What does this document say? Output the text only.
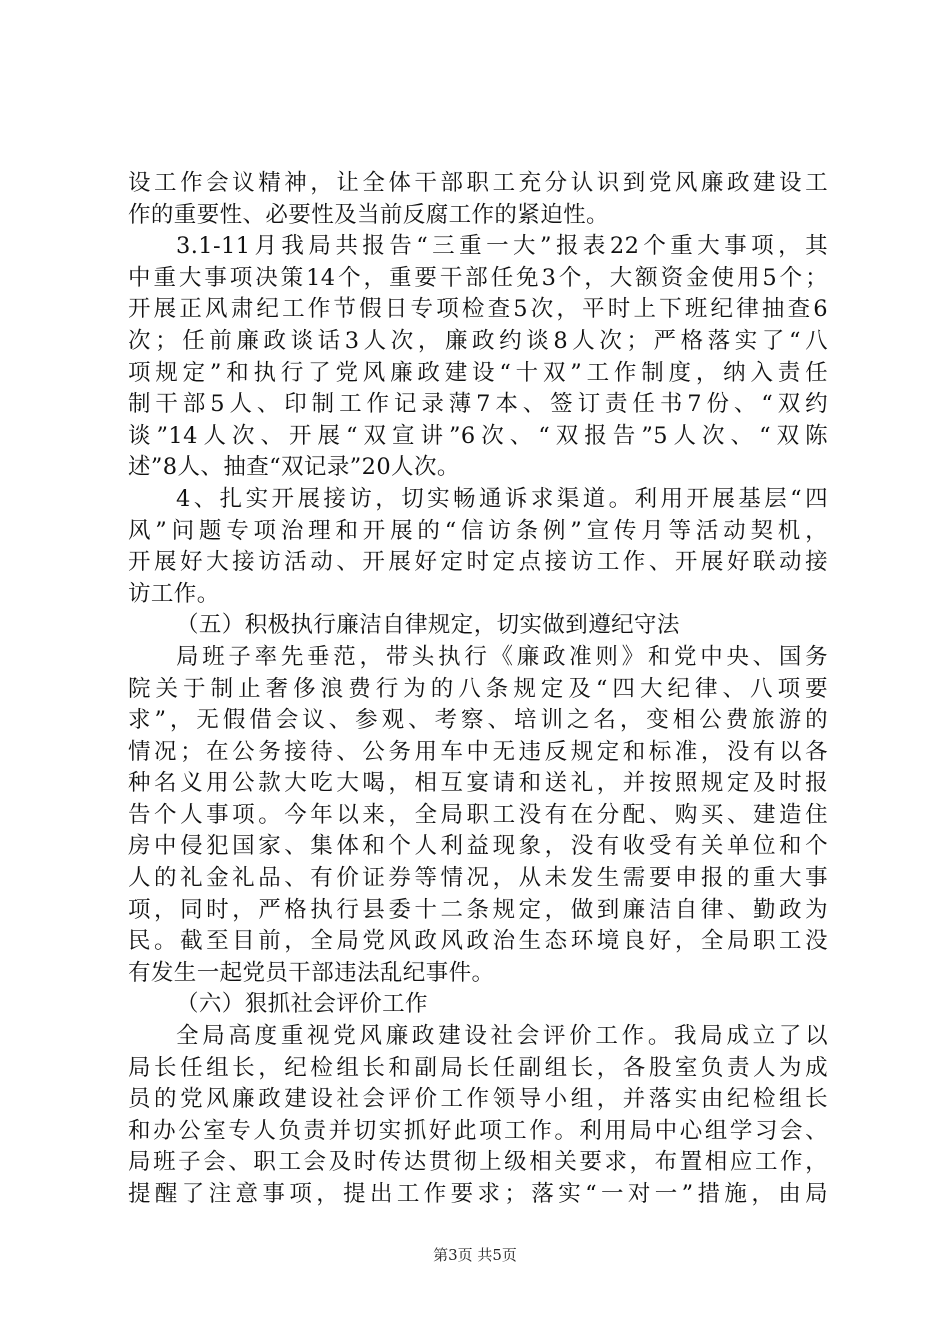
设工作会议精神，让全体干部职工充分认识到党风廉政建设工
作的重要性、必要性及当前反腐工作的紧迫性。
3.1-11月我局共报告“三重一大”报表22个重大事项，其
中重大事项决策14个，重要干部任免3个，大额资金使用5个；
开展正风肃纪工作节假日专项检查5次，平时上下班纪律抽查6
次；任前廉政谈话3人次，廉政约谈8人次；严格落实了“八
项规定”和执行了党风廉政建设“十双”工作制度，纳入责任
制干部5人、印制工作记录薄7本、签订责任书7份、“双约
谈”14人次、开展“双宣讲”6次、“双报告”5人次、“双陈
述”8人、抽查“双记录”20人次。
4、扎实开展接访，切实畅通诉求渠道。利用开展基层“四
风”问题专项治理和开展的“信访条例”宣传月等活动契机，
开展好大接访活动、开展好定时定点接访工作、开展好联动接
访工作。
（五）积极执行廉洁自律规定，切实做到遵纪守法
局班子率先垂范，带头执行《廉政准则》和党中央、国务
院关于制止奢侈浪费行为的八条规定及“四大纪律、八项要
求”，无假借会议、参观、考察、培训之名，变相公费旅游的
情况；在公务接待、公务用车中无违反规定和标准，没有以各
种名义用公款大吃大喝，相互宴请和送礼，并按照规定及时报
告个人事项。今年以来，全局职工没有在分配、购买、建造住
房中侵犯国家、集体和个人利益现象，没有收受有关单位和个
人的礼金礼品、有价证券等情况，从未发生需要申报的重大事
项，同时，严格执行县委十二条规定，做到廉洁自律、勤政为
民。截至目前，全局党风政风政治生态环境良好，全局职工没
有发生一起党员干部违法乱纪事件。
（六）狠抓社会评价工作
全局高度重视党风廉政建设社会评价工作。我局成立了以
局长任组长，纪检组长和副局长任副组长，各股室负责人为成
员的党风廉政建设社会评价工作领导小组，并落实由纪检组长
和办公室专人负责并切实抓好此项工作。利用局中心组学习会、
局班子会、职工会及时传达贯彻上级相关要求，布置相应工作，
提醒了注意事项，提出工作要求；落实“一对一”措施，由局
第3页 共5页
